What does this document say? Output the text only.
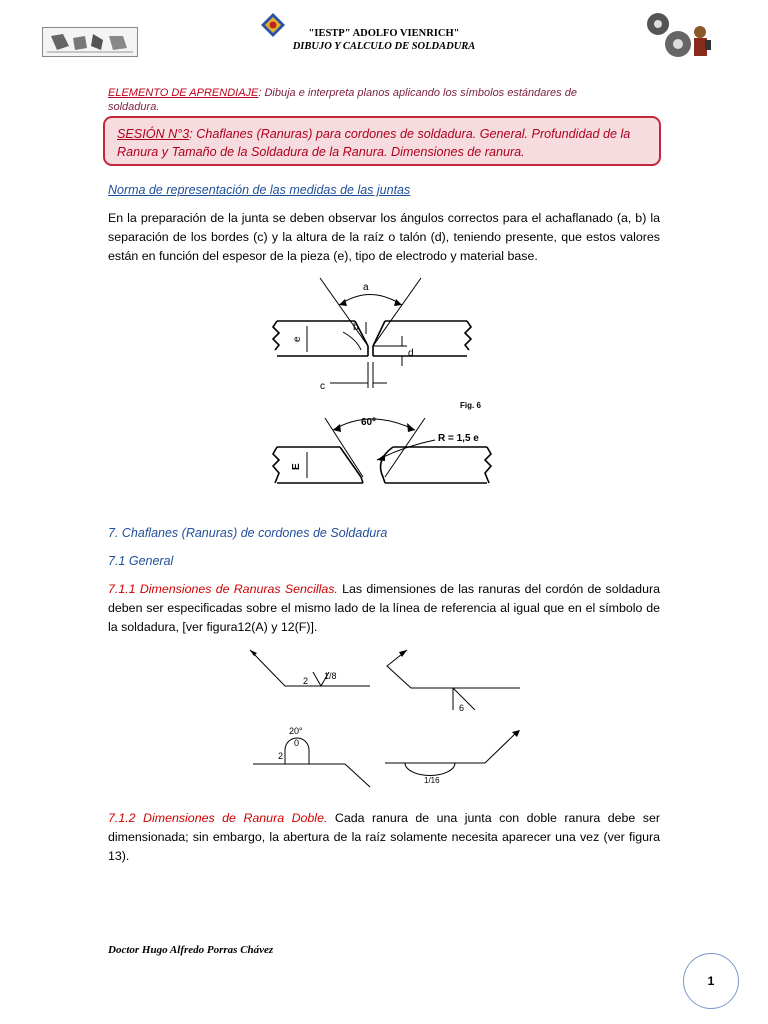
"IESTP" ADOLFO VIENRICH"
DIBUJO Y CALCULO DE SOLDADURA
ELEMENTO DE APRENDIAJE: Dibuja e interpreta planos aplicando los símbolos estándares de soldadura.
SESIÓN N°3: Chaflanes (Ranuras) para cordones de soldadura. General. Profundidad de la Ranura y Tamaño de la Soldadura de la Ranura. Dimensiones de ranura.
Norma de representación de las medidas de las juntas
En la preparación de la junta se deben observar los ángulos correctos para el achaflanado (a, b) la separación de los bordes (c) y la altura de la raíz o talón (d), teniendo presente, que estos valores están en función del espesor de la pieza (e), tipo de electrodo y material base.
a
b
d
c
e
Fig. 6
60º
R = 1,5 e
E
7. Chaflanes (Ranuras) de cordones de Soldadura
7.1 General
7.1.1 Dimensiones de Ranuras Sencillas. Las dimensiones de las ranuras del cordón de soldadura deben ser especificadas sobre el mismo lado de la línea de referencia al igual que en el símbolo de la soldadura, [ver figura12(A) y 12(F)].
2 1/8
6
20°
0
2
1/16
7.1.2 Dimensiones de Ranura Doble. Cada ranura de una junta con doble ranura debe ser dimensionada; sin embargo, la abertura de la raíz solamente necesita aparecer una vez (ver figura 13).
Doctor Hugo Alfredo Porras Chávez
1
